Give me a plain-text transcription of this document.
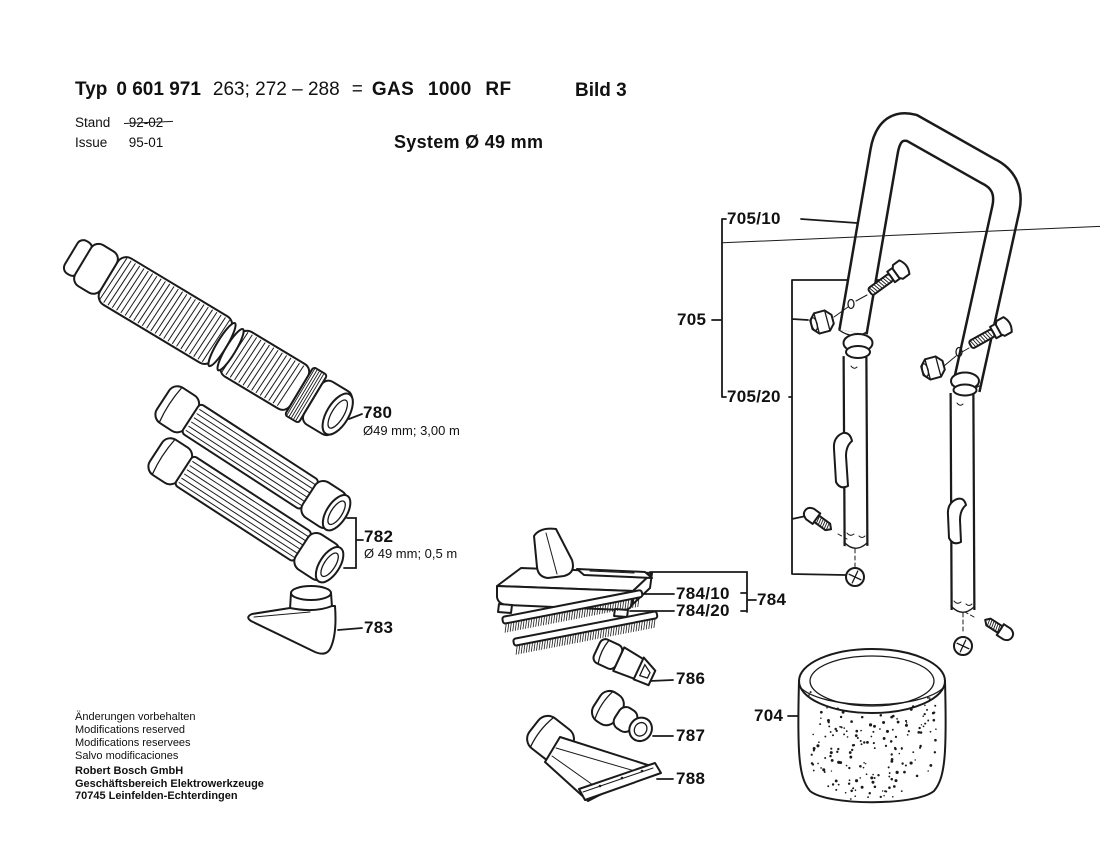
Typ 0 601 971 263; 272 – 288 = GAS 1000 RF	Bild 3
Stand 92-02
Issue 95-01	System Ø 49 mm
780
Ø49 mm; 3,00 m
782
Ø 49 mm; 0,5 m
783
784/10
784/20
784
786
787
788
705/10
705
705/20
704
Änderungen vorbehalten
Modifications reserved
Modifications reservees
Salvo modificaciones
Robert Bosch GmbH
Geschäftsbereich Elektrowerkzeuge
70745 Leinfelden-Echterdingen
